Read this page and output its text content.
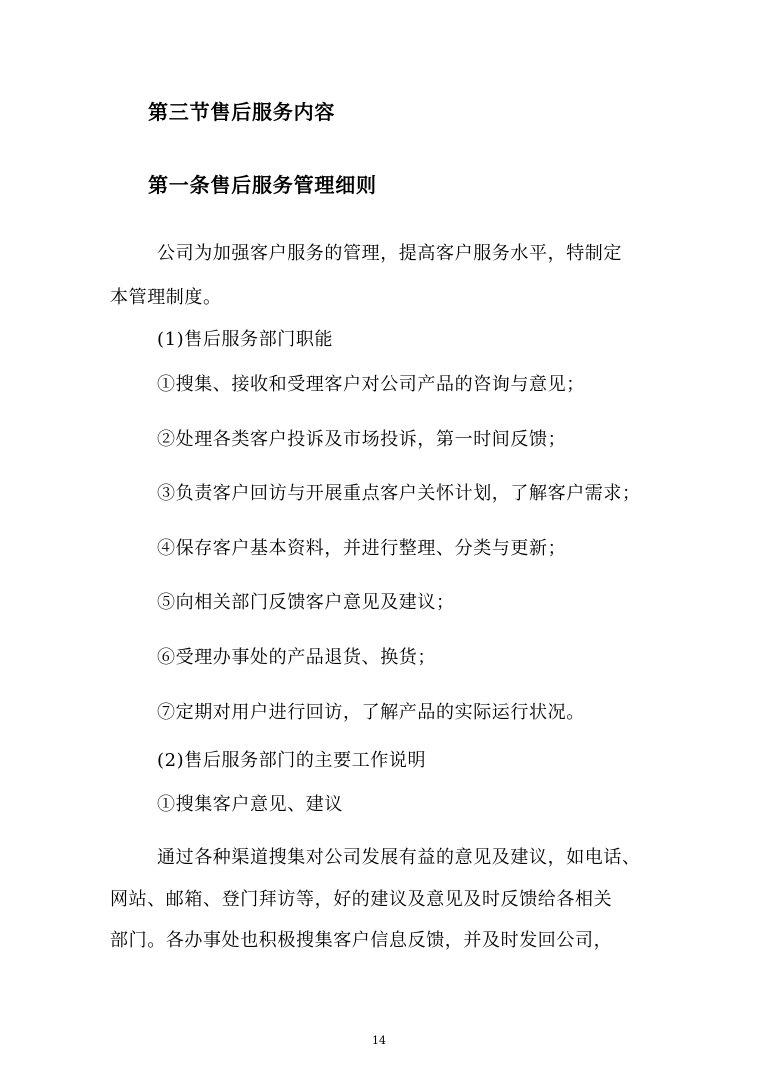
第三节售后服务内容
第一条售后服务管理细则
公司为加强客户服务的管理，提高客户服务水平，特制定
本管理制度。
(1)售后服务部门职能
①搜集、接收和受理客户对公司产品的咨询与意见；
②处理各类客户投诉及市场投诉，第一时间反馈；
③负责客户回访与开展重点客户关怀计划，了解客户需求；
④保存客户基本资料，并进行整理、分类与更新；
⑤向相关部门反馈客户意见及建议；
⑥受理办事处的产品退货、换货；
⑦定期对用户进行回访，了解产品的实际运行状况。
(2)售后服务部门的主要工作说明
①搜集客户意见、建议
通过各种渠道搜集对公司发展有益的意见及建议，如电话、
网站、邮箱、登门拜访等，好的建议及意见及时反馈给各相关
部门。各办事处也积极搜集客户信息反馈，并及时发回公司，
14
